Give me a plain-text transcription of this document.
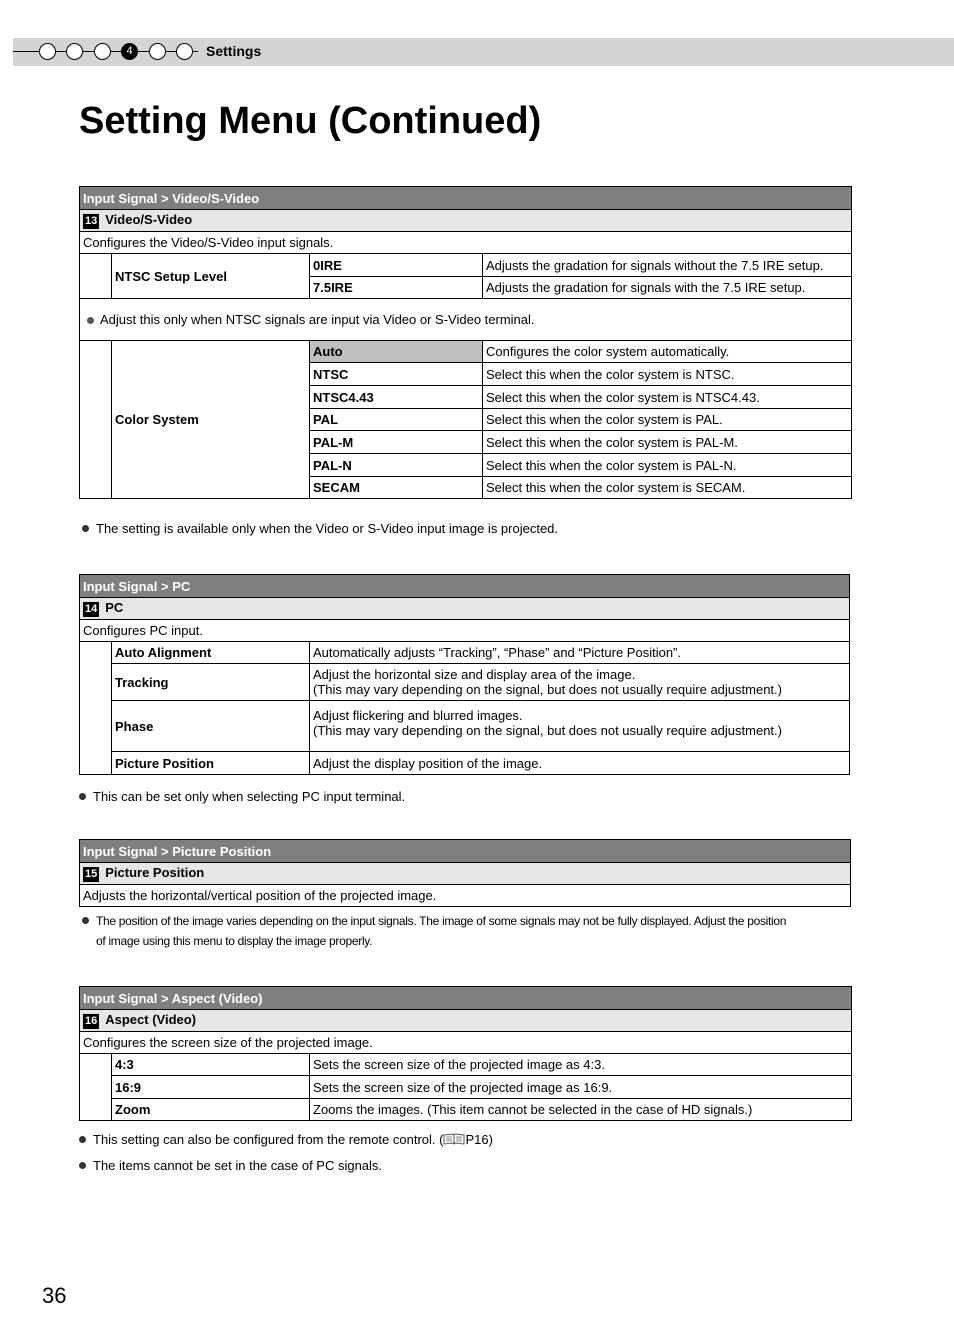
4	Settings
Setting Menu (Continued)
Input Signal > Video/S-Video			
13 Video/S-Video			
Configures the Video/S-Video input signals.			
	NTSC Setup Level	0IRE	Adjusts the gradation for signals without the 7.5 IRE setup.
		7.5IRE	Adjusts the gradation for signals with the 7.5 IRE setup.
Adjust this only when NTSC signals are input via Video or S-Video terminal.			
	Color System	Auto	Configures the color system automatically.
		NTSC	Select this when the color system is NTSC.
		NTSC4.43	Select this when the color system is NTSC4.43.
		PAL	Select this when the color system is PAL.
		PAL-M	Select this when the color system is PAL-M.
		PAL-N	Select this when the color system is PAL-N.
		SECAM	Select this when the color system is SECAM.
The setting is available only when the Video or S-Video input image is projected.
Input Signal > PC		
14 PC		
Configures PC input.		
	Auto Alignment	Automatically adjusts “Tracking”, “Phase” and “Picture Position”.

	Tracking	Adjust the horizontal size and display area of the image.
(This may vary depending on the signal, but does not usually require adjustment.)

	Phase	Adjust flickering and blurred images.
(This may vary depending on the signal, but does not usually require adjustment.)

	Picture Position	Adjust the display position of the image.
This can be set only when selecting PC input terminal.
Input Signal > Picture Position
15 Picture Position
Adjusts the horizontal/vertical position of the projected image.
The position of the image varies depending on the input signals. The image of some signals may not be fully displayed. Adjust the position
of image using this menu to display the image properly.
Input Signal > Aspect (Video)		
16 Aspect (Video)		
Configures the screen size of the projected image.		
	4:3	Sets the screen size of the projected image as 4:3.
	16:9	Sets the screen size of the projected image as 16:9.
	Zoom	Zooms the images. (This item cannot be selected in the case of HD signals.)
This setting can also be configured from the remote control. ( P16)
The items cannot be set in the case of PC signals.
36
